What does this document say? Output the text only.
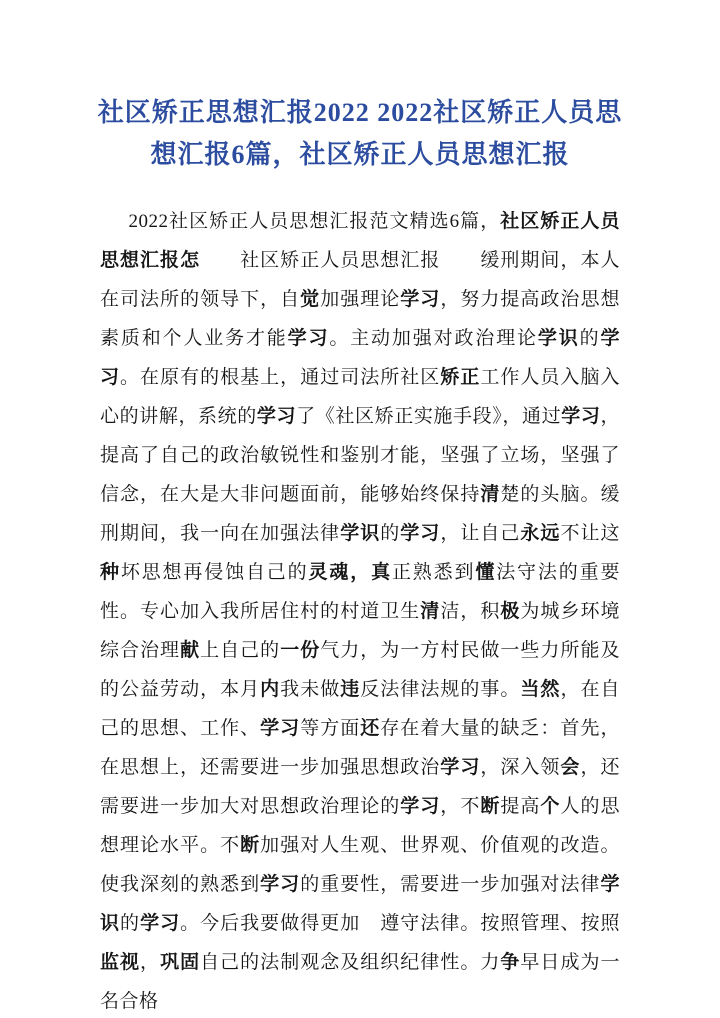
社区矫正思想汇报2022 2022社区矫正人员思想汇报6篇，社区矫正人员思想汇报
2022社区矫正人员思想汇报范文精选6篇，社区矫正人员思想汇报怎　　社区矫正人员思想汇报　　缓刑期间，本人在司法所的领导下，自觉加强理论学习，努力提高政治思想素质和个人业务才能学习。主动加强对政治理论学识的学习。在原有的根基上，通过司法所社区矫正工作人员入脑入心的讲解，系统的学习了《社区矫正实施手段》，通过学习，提高了自己的政治敏锐性和鉴别才能，坚强了立场，坚强了信念，在大是大非问题面前，能够始终保持清楚的头脑。缓刑期间，我一向在加强法律学识的学习，让自己永远不让这种坏思想再侵蚀自己的灵魂，真正熟悉到懂法守法的重要性。专心加入我所居住村的村道卫生清洁，积极为城乡环境综合治理献上自己的一份气力，为一方村民做一些力所能及的公益劳动，本月内我未做违反法律法规的事。当然，在自己的思想、工作、学习等方面还存在着大量的缺乏：首先，在思想上，还需要进一步加强思想政治学习，深入领会，还需要进一步加大对思想政治理论的学习，不断提高个人的思想理论水平。不断加强对人生观、世界观、价值观的改造。使我深刻的熟悉到学习的重要性，需要进一步加强对法律学识的学习。今后我要做得更加　遵守法律。按照管理、按照监视，巩固自己的法制观念及组织纪律性。力争早日成为一名合格
